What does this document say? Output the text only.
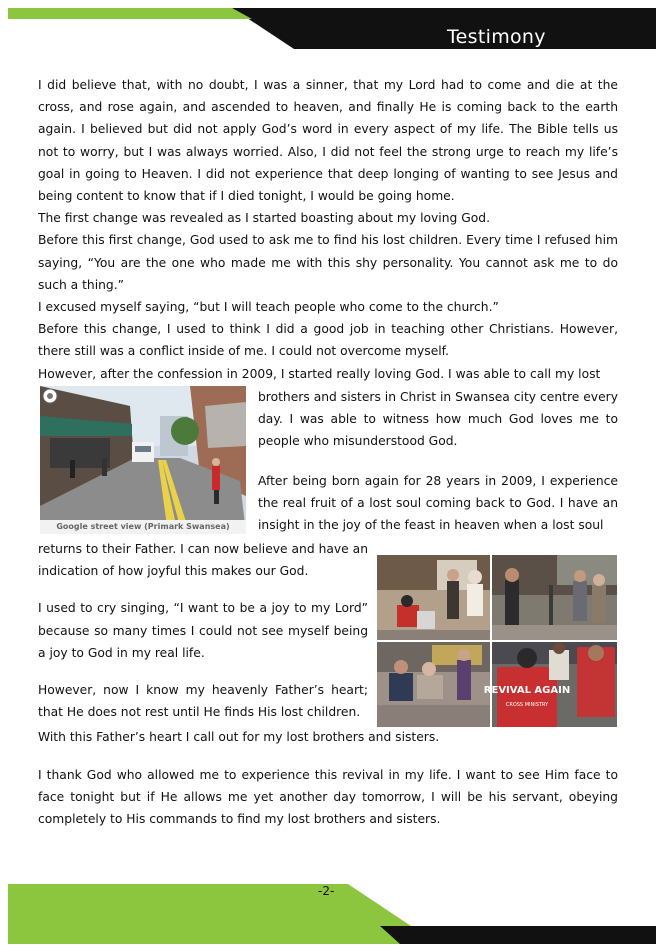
Testimony

I did believe that, with no doubt, I was a sinner, that my Lord had to come and die at the cross, and rose again, and ascended to heaven, and finally He is coming back to the earth again. I believed but did not apply God’s word in every aspect of my life. The Bible tells us not to worry, but I was always worried. Also, I did not feel the strong urge to reach my life’s goal in going to Heaven. I did not experience that deep longing of wanting to see Jesus and being content to know that if I died tonight, I would be going home.

The first change was revealed as I started boasting about my loving God.

Before this first change, God used to ask me to find his lost children. Every time I refused him saying, “You are the one who made me with this shy personality. You cannot ask me to do such a thing.”

I excused myself saying, “but I will teach people who come to the church.”

Before this change, I used to think I did a good job in teaching other Christians. However, there still was a conflict inside of me. I could not overcome myself.

However, after the confession in 2009, I started really loving God. I was able to call my lost

Google street view (Primark Swansea)

brothers and sisters in Christ in Swansea city centre every day. I was able to witness how much God loves me to people who misunderstood God.

After being born again for 28 years in 2009, I experience the real fruit of a lost soul coming back to God. I have an insight in the joy of the feast in heaven when a lost soul

returns to their Father. I can now believe and have an indication of how joyful this makes our God.

I used to cry singing, “I want to be a joy to my Lord” because so many times I could not see myself being a joy to God in my real life.

However, now I know my heavenly Father’s heart; that He does not rest until He finds His lost children.

With this Father’s heart I call out for my lost brothers and sisters.

REVIVAL AGAIN
CROSS MINISTRY

I thank God who allowed me to experience this revival in my life. I want to see Him face to face tonight but if He allows me yet another day tomorrow, I will be his servant, obeying completely to His commands to find my lost brothers and sisters.

-2-
